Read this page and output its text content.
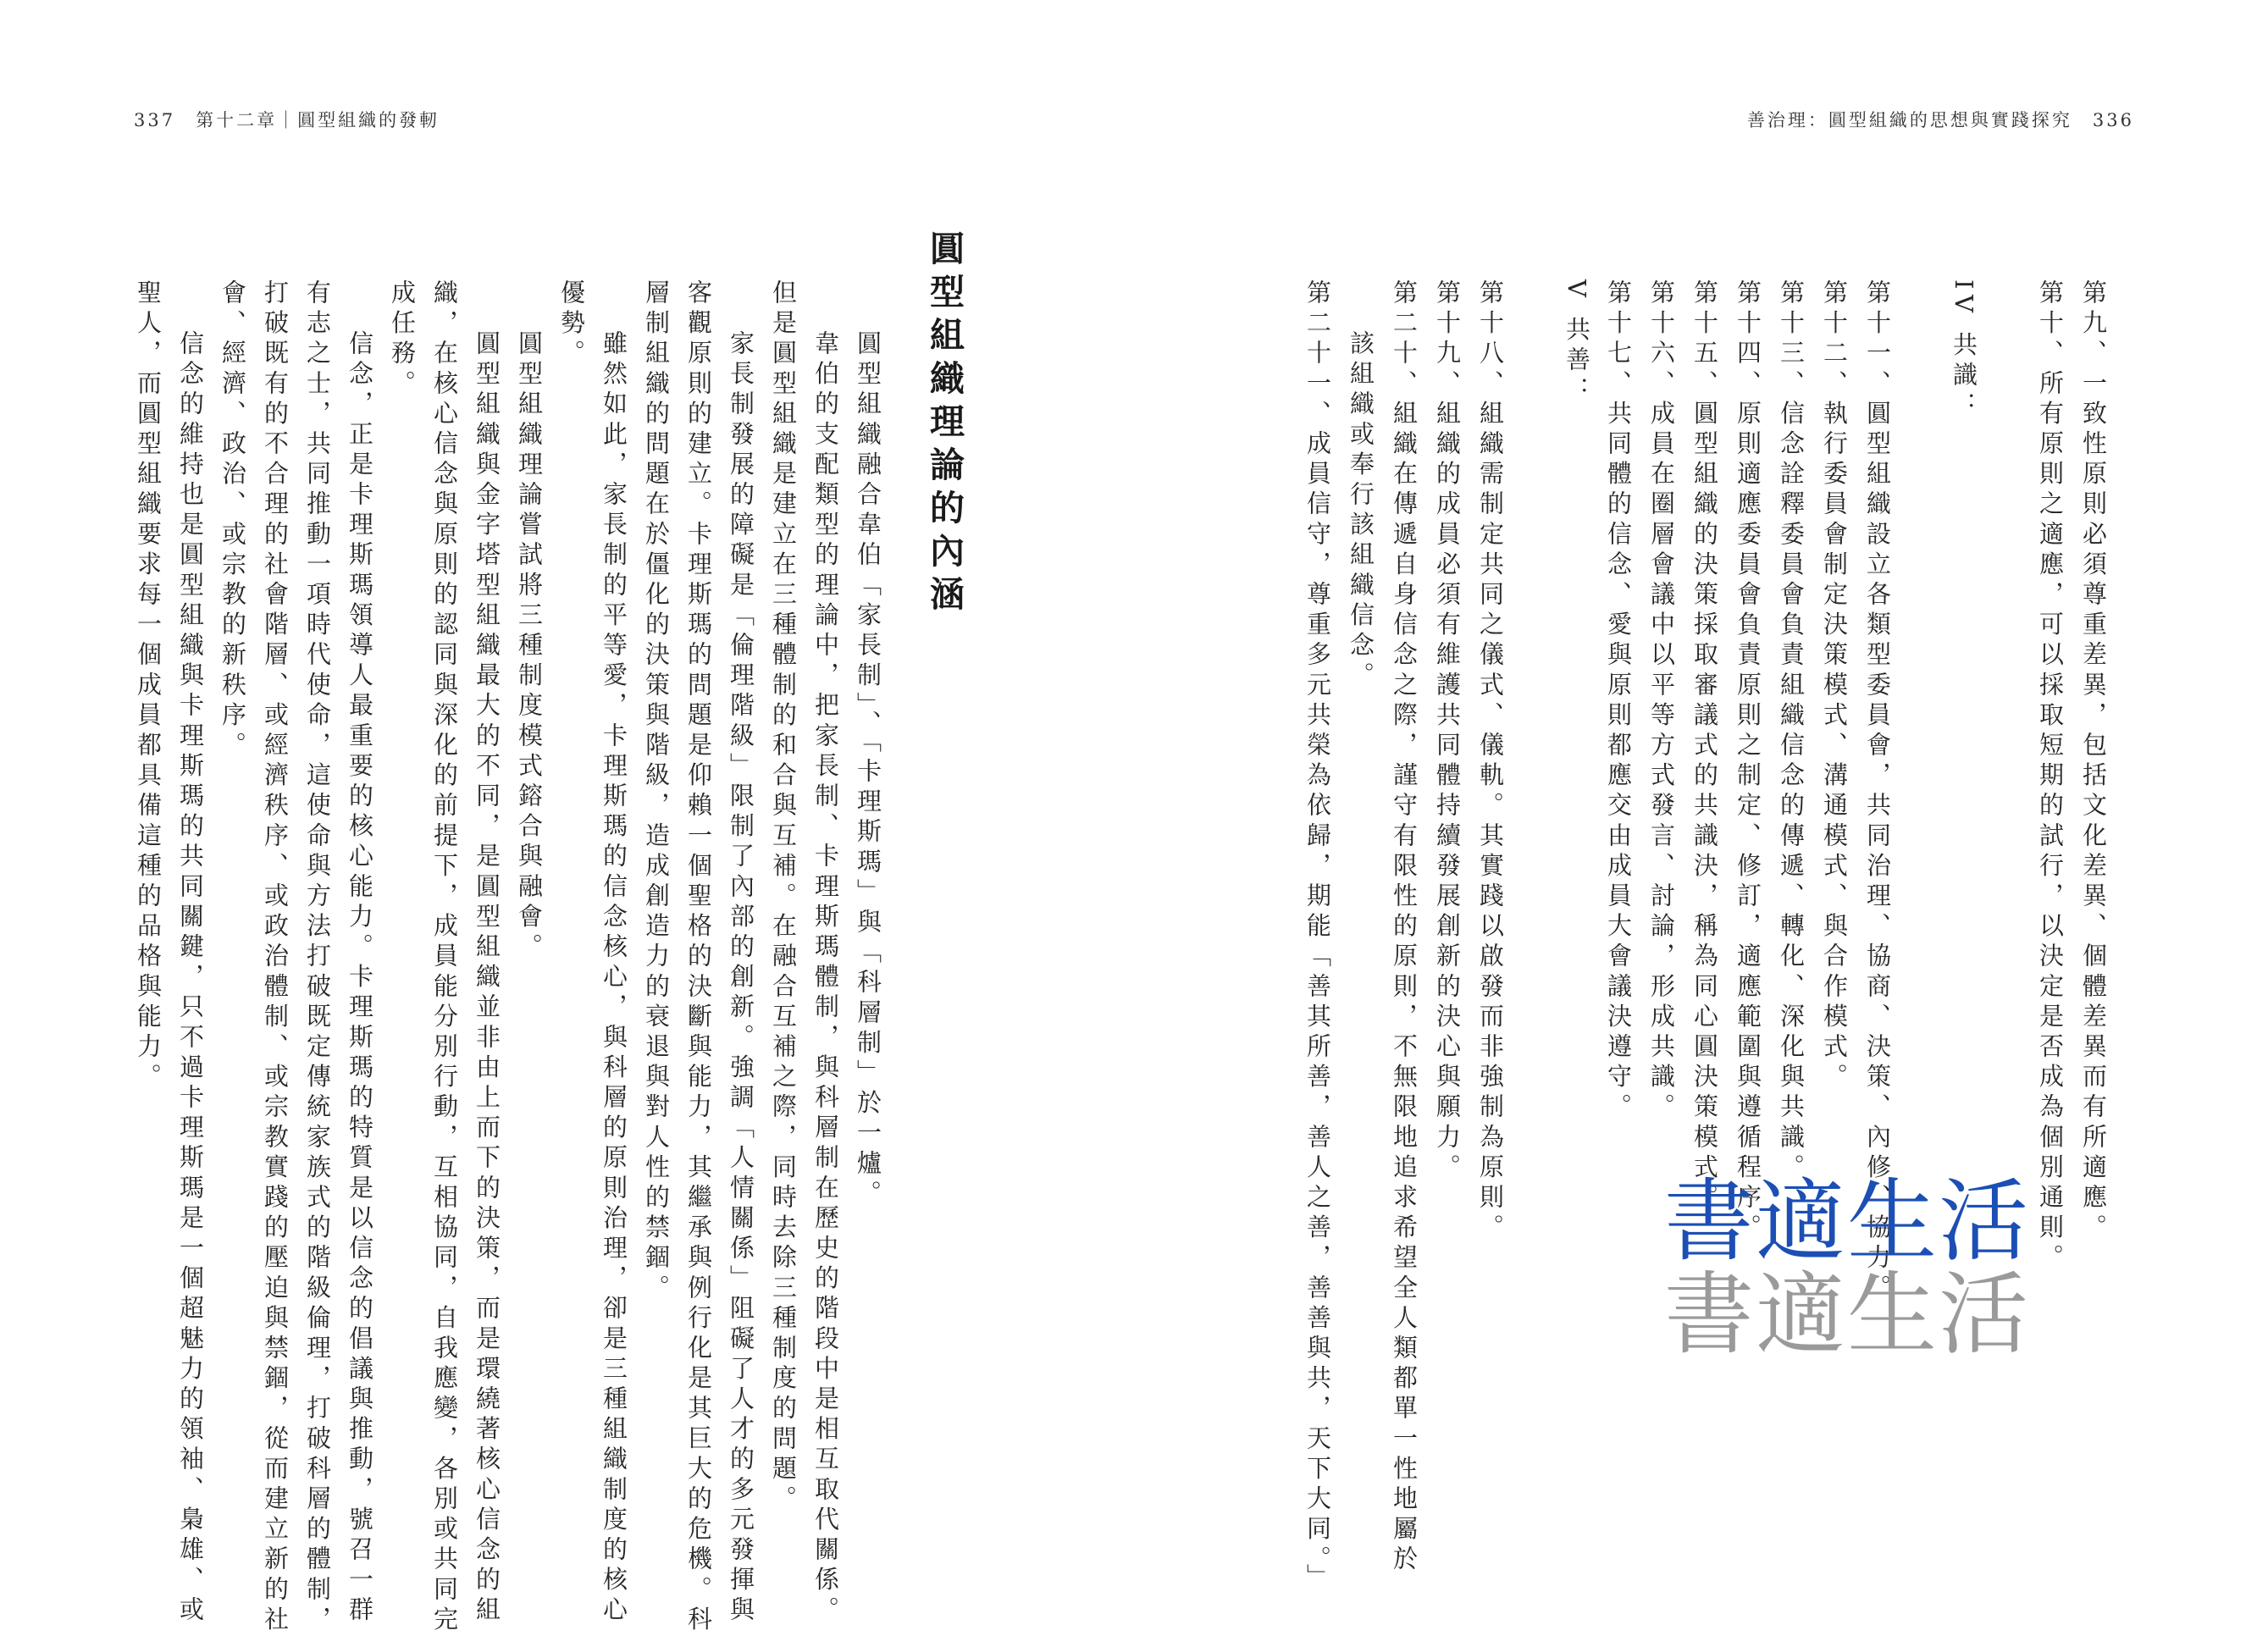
337　第十二章｜圓型組織的發軔	善治理：圓型組織的思想與實踐探究　336
第九、一致性原則必須尊重差異，包括文化差異、個體差異而有所適應。
第十、所有原則之適應，可以採取短期的試行，以決定是否成為個別通則。
IV 共識：
第十一、圓型組織設立各類型委員會，共同治理、協商、決策、內修、協力。
第十二、執行委員會制定決策模式、溝通模式、與合作模式。
第十三、信念詮釋委員會負責組織信念的傳遞、轉化、深化與共識。
第十四、原則適應委員會負責原則之制定、修訂，適應範圍與遵循程序。
第十五、圓型組織的決策採取審議式的共識決，稱為同心圓決策模式。
第十六、成員在圈層會議中以平等方式發言、討論，形成共識。
第十七、共同體的信念、愛與原則都應交由成員大會議決遵守。
V 共善：
第十八、組織需制定共同之儀式、儀軌。其實踐以啟發而非強制為原則。
第十九、組織的成員必須有維護共同體持續發展創新的決心與願力。
第二十、組織在傳遞自身信念之際，謹守有限性的原則，不無限地追求希望全人類都單一性地屬於
該組織或奉行該組織信念。
第二十一、成員信守，尊重多元共榮為依歸，期能「善其所善，善人之善，善善與共，天下大同。」
圓型組織理論的內涵
圓型組織融合韋伯「家長制」、「卡理斯瑪」與「科層制」於一爐。
韋伯的支配類型的理論中，把家長制、卡理斯瑪體制，與科層制在歷史的階段中是相互取代關係。
但是圓型組織是建立在三種體制的和合與互補。在融合互補之際，同時去除三種制度的問題。
家長制發展的障礙是「倫理階級」限制了內部的創新。強調「人情關係」阻礙了人才的多元發揮與
客觀原則的建立。卡理斯瑪的問題是仰賴一個聖格的決斷與能力，其繼承與例行化是其巨大的危機。科
層制組織的問題在於僵化的決策與階級，造成創造力的衰退與對人性的禁錮。
雖然如此，家長制的平等愛，卡理斯瑪的信念核心，與科層的原則治理，卻是三種組織制度的核心
優勢。
圓型組織理論嘗試將三種制度模式鎔合與融會。
圓型組織與金字塔型組織最大的不同，是圓型組織並非由上而下的決策，而是環繞著核心信念的組
織，在核心信念與原則的認同與深化的前提下，成員能分別行動，互相協同，自我應變，各別或共同完
成任務。
信念，正是卡理斯瑪領導人最重要的核心能力。卡理斯瑪的特質是以信念的倡議與推動，號召一群
有志之士，共同推動一項時代使命，這使命與方法打破既定傳統家族式的階級倫理，打破科層的體制，
打破既有的不合理的社會階層、或經濟秩序、或政治體制、或宗教實踐的壓迫與禁錮，從而建立新的社
會、經濟、政治、或宗教的新秩序。
信念的維持也是圓型組織與卡理斯瑪的共同關鍵，只不過卡理斯瑪是一個超魅力的領袖、梟雄、或
聖人，而圓型組織要求每一個成員都具備這種的品格與能力。
書適生活
書適生活
